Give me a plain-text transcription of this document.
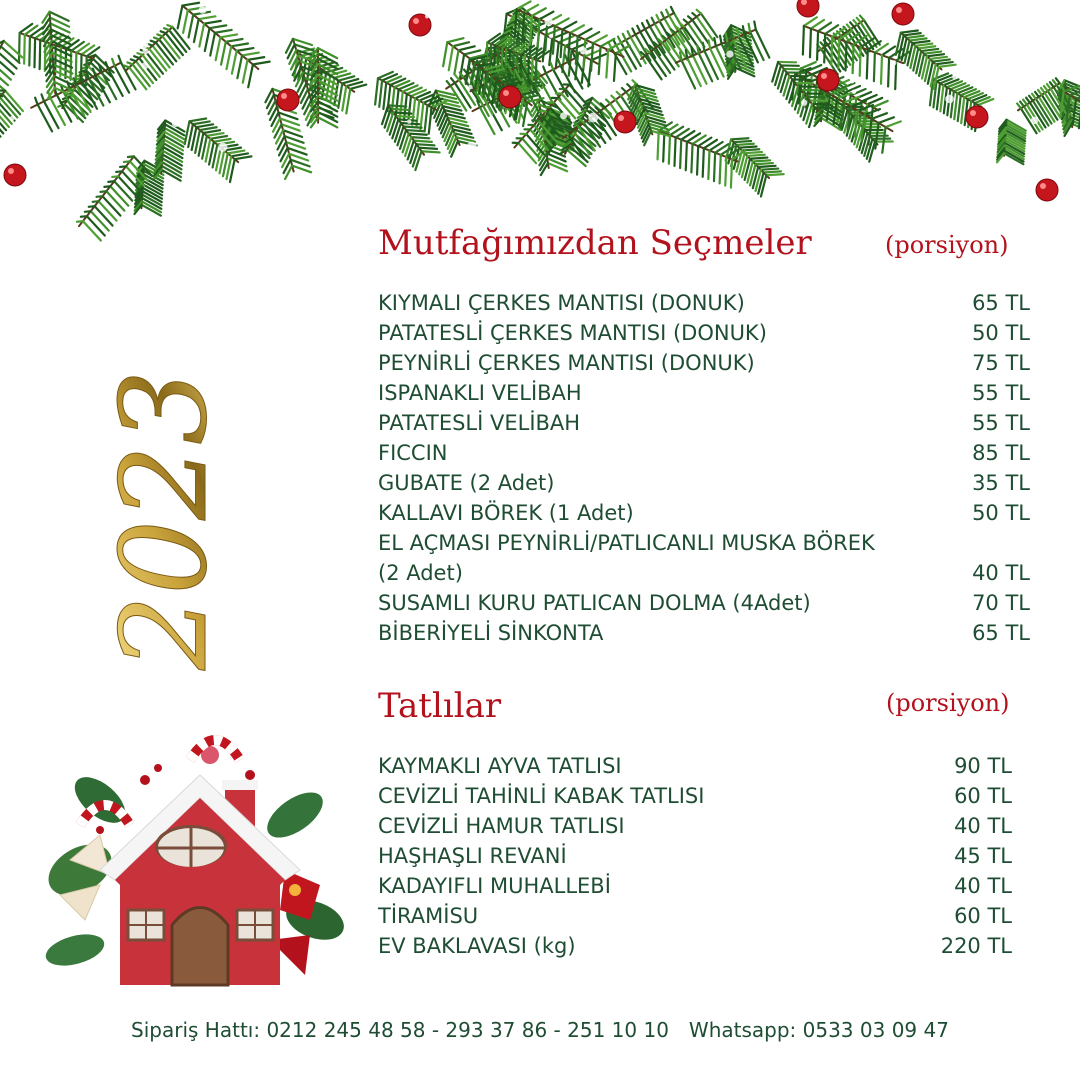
2023
Mutfağımızdan Seçmeler	(porsiyon)
KIYMALI ÇERKES MANTISI (DONUK)	65 TL
PATATESLİ ÇERKES MANTISI (DONUK)	50 TL
PEYNİRLİ ÇERKES MANTISI (DONUK)	75 TL
ISPANAKLI VELİBAH	55 TL
PATATESLİ VELİBAH	55 TL
FICCIN	85 TL
GUBATE (2 Adet)	35 TL
KALLAVI BÖREK (1 Adet)	50 TL
EL AÇMASI PEYNİRLİ/PATLICANLI MUSKA BÖREK (2 Adet)	40 TL
SUSAMLI KURU PATLICAN DOLMA (4Adet)	70 TL
BİBERİYELİ SİNKONTA	65 TL
Tatlılar	(porsiyon)
KAYMAKLI AYVA TATLISI	90 TL
CEVİZLİ TAHİNLİ KABAK TATLISI	60 TL
CEVİZLİ HAMUR TATLISI	40 TL
HAŞHAŞLI REVANİ	45 TL
KADAYIFLI MUHALLEBİ	40 TL
TİRAMİSU	60 TL
EV BAKLAVASI (kg)	220 TL
Sipariş Hattı: 0212 245 48 58 - 293 37 86 - 251 10 10 Whatsapp: 0533 03 09 47
